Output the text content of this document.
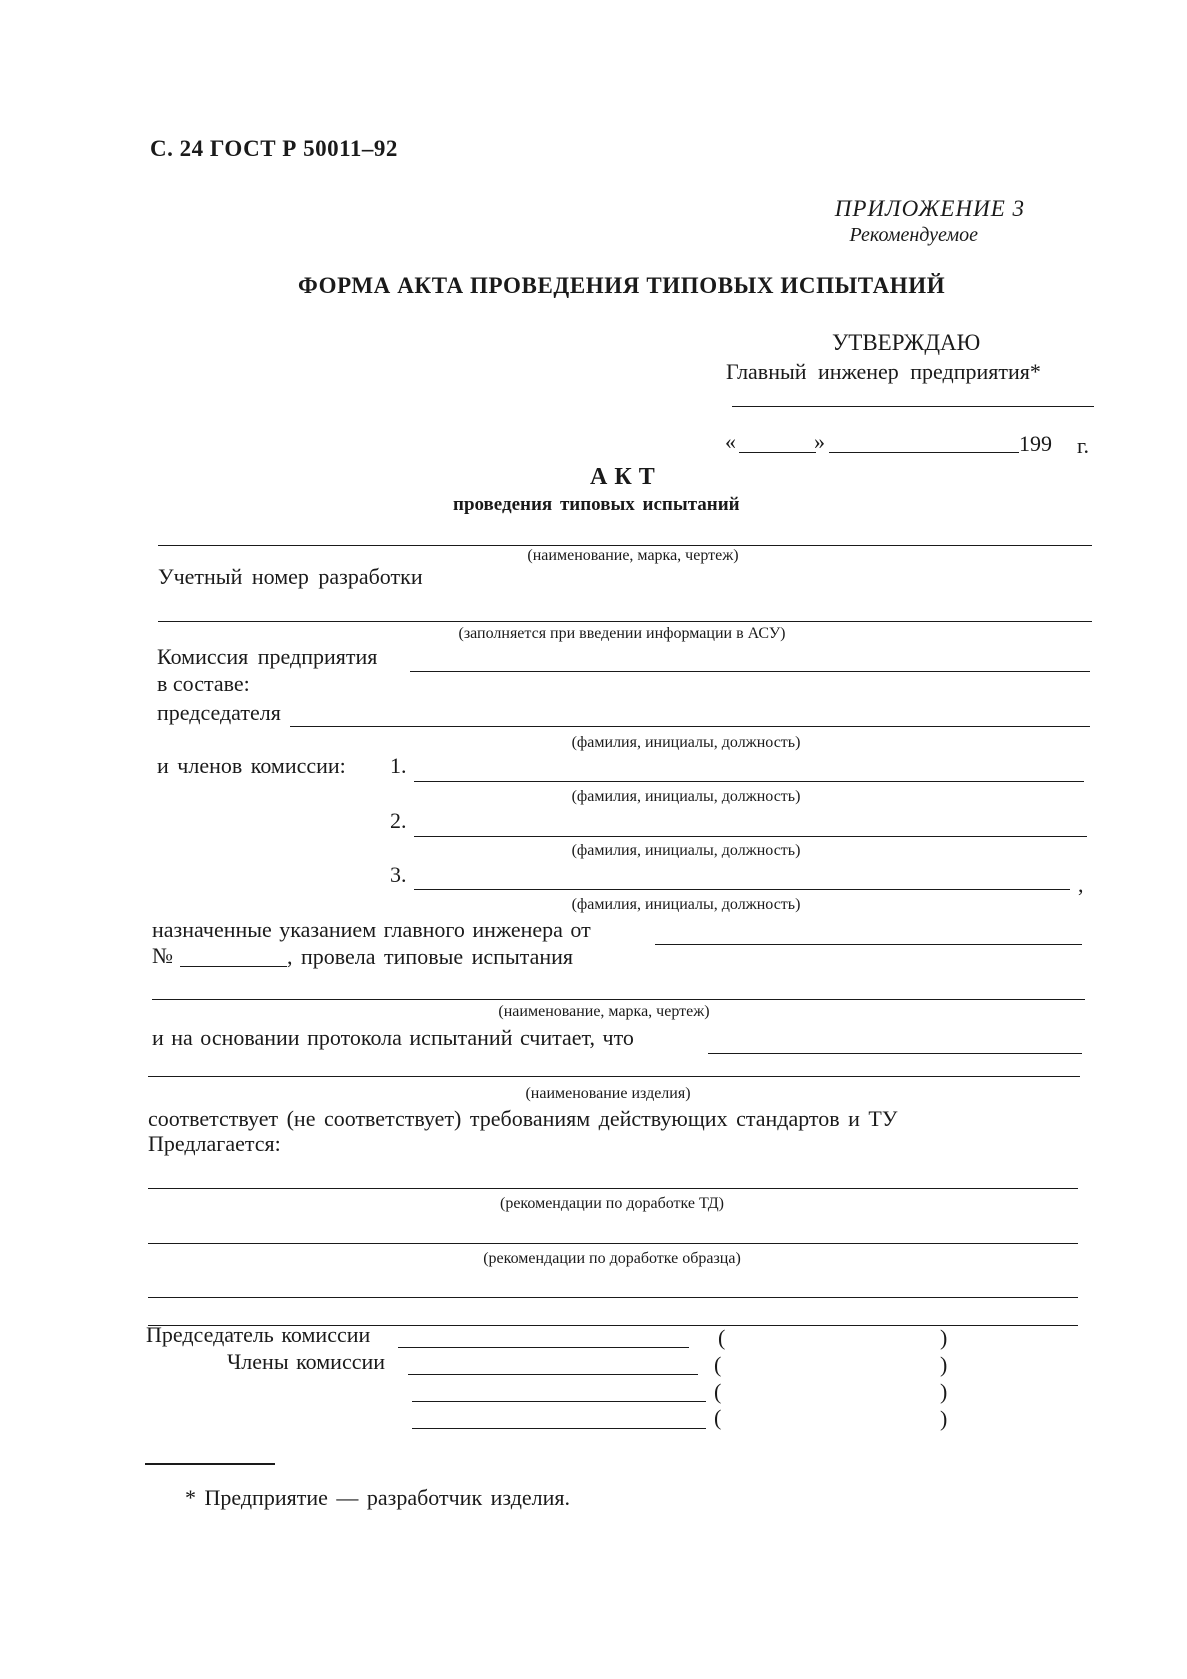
С. 24 ГОСТ Р 50011–92
ПРИЛОЖЕНИЕ 3
Рекомендуемое
ФОРМА АКТА ПРОВЕДЕНИЯ ТИПОВЫХ ИСПЫТАНИЙ
УТВЕРЖДАЮ
Главный инженер предприятия*
«	»	199 г.
АКТ
проведения типовых испытаний
(наименование, марка, чертеж)
Учетный номер разработки
(заполняется при введении информации в АСУ)
Комиссия предприятия
в составе:
председателя
(фамилия, инициалы, должность)
и членов комиссии: 1.
(фамилия, инициалы, должность)
2.
(фамилия, инициалы, должность)
3.	,
(фамилия, инициалы, должность)
назначенные указанием главного инженера от
№	, провела типовые испытания
(наименование, марка, чертеж)
и на основании протокола испытаний считает, что
(наименование изделия)
соответствует (не соответствует) требованиям действующих стандартов и ТУ
Предлагается:
(рекомендации по доработке ТД)
(рекомендации по доработке образца)
Председатель комиссии	(	)
Члены комиссии	(	)
(	)
(	)
* Предприятие — разработчик изделия.
